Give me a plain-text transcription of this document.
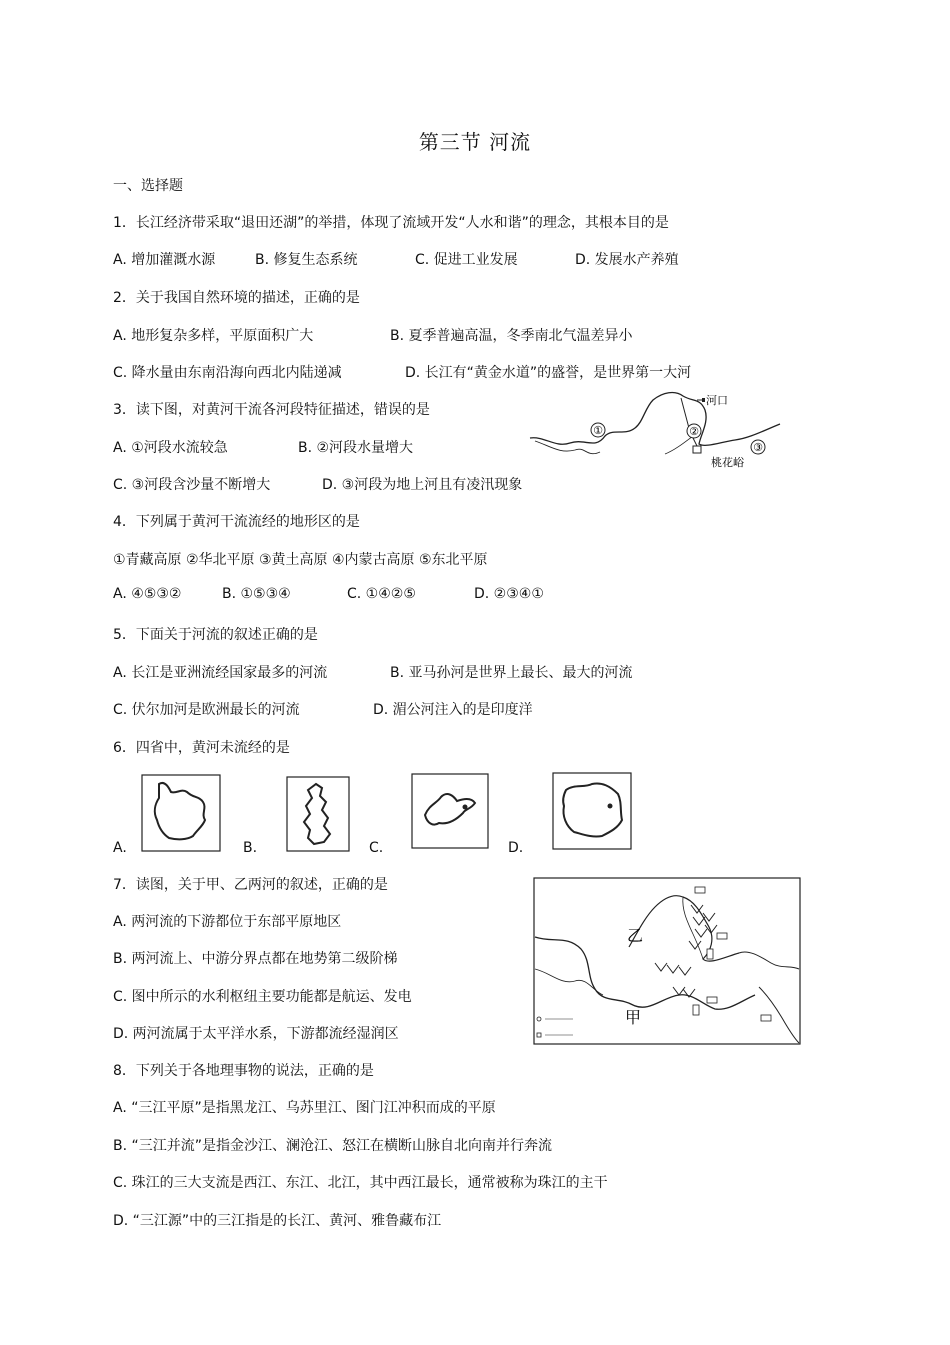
第三节 河流
一、选择题
1．长江经济带采取“退田还湖”的举措，体现了流域开发“人水和谐”的理念，其根本目的是
A. 增加灌溉水源	B. 修复生态系统	C. 促进工业发展	D. 发展水产养殖
2．关于我国自然环境的描述，正确的是
A. 地形复杂多样，平原面积广大	B. 夏季普遍高温，冬季南北气温差异小
C. 降水量由东南沿海向西北内陆递减	D. 长江有“黄金水道”的盛誉，是世界第一大河
3．读下图，对黄河干流各河段特征描述，错误的是
A. ①河段水流较急	B. ②河段水量增大
C. ③河段含沙量不断增大	D. ③河段为地上河且有凌汛现象
①	②
③
河口
桃花峪
4．下列属于黄河干流流经的地形区的是
①青藏高原 ②华北平原 ③黄土高原 ④内蒙古高原 ⑤东北平原
A. ④⑤③②	B. ①⑤③④	C. ①④②⑤	D. ②③④①
5．下面关于河流的叙述正确的是
A. 长江是亚洲流经国家最多的河流	B. 亚马孙河是世界上最长、最大的河流
C. 伏尔加河是欧洲最长的河流	D. 湄公河注入的是印度洋
6．四省中，黄河未流经的是
A.	B.	C.	D.
7．读图，关于甲、乙两河的叙述，正确的是
A. 两河流的下游都位于东部平原地区
B. 两河流上、中游分界点都在地势第二级阶梯
C. 图中所示的水利枢纽主要功能都是航运、发电
D. 两河流属于太平洋水系，下游都流经湿润区
乙
甲
8．下列关于各地理事物的说法，正确的是
A. “三江平原”是指黑龙江、乌苏里江、图门江冲积而成的平原
B. “三江并流”是指金沙江、澜沧江、怒江在横断山脉自北向南并行奔流
C. 珠江的三大支流是西江、东江、北江，其中西江最长，通常被称为珠江的主干
D. “三江源”中的三江指是的长江、黄河、雅鲁藏布江
